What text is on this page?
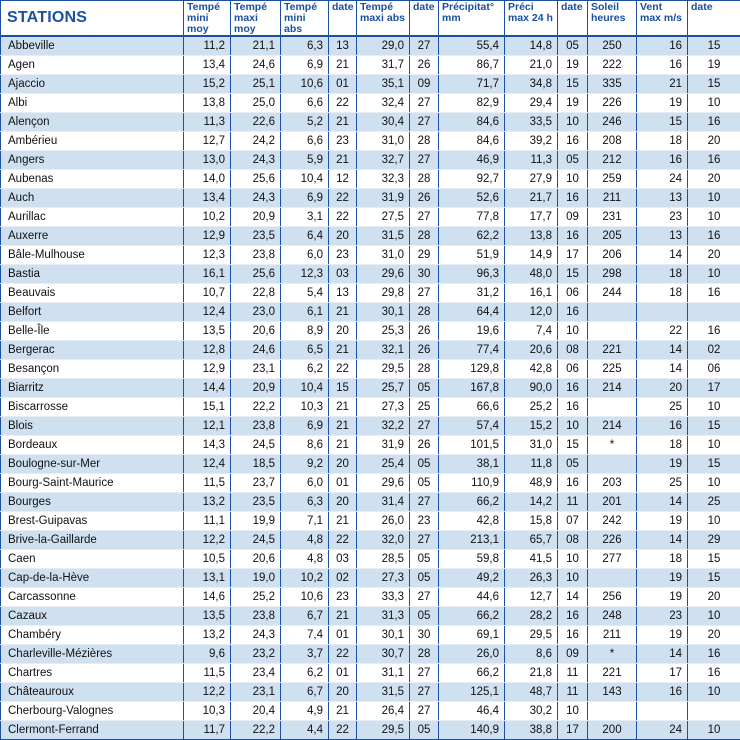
STATIONS	Tempé mini moy	Tempé maxi moy	Tempé mini abs	date	Tempé maxi abs	date	Précipitat° mm	Préci max 24 h	date	Soleil heures	Vent max m/s	date
Abbeville	11,2	21,1	6,3	13	29,0	27	55,4	14,8	05	250	16	15
Agen	13,4	24,6	6,9	21	31,7	26	86,7	21,0	19	222	16	19
Ajaccio	15,2	25,1	10,6	01	35,1	09	71,7	34,8	15	335	21	15
Albi	13,8	25,0	6,6	22	32,4	27	82,9	29,4	19	226	19	10
Alençon	11,3	22,6	5,2	21	30,4	27	84,6	33,5	10	246	15	16
Ambérieu	12,7	24,2	6,6	23	31,0	28	84,6	39,2	16	208	18	20
Angers	13,0	24,3	5,9	21	32,7	27	46,9	11,3	05	212	16	16
Aubenas	14,0	25,6	10,4	12	32,3	28	92,7	27,9	10	259	24	20
Auch	13,4	24,3	6,9	22	31,9	26	52,6	21,7	16	211	13	10
Aurillac	10,2	20,9	3,1	22	27,5	27	77,8	17,7	09	231	23	10
Auxerre	12,9	23,5	6,4	20	31,5	28	62,2	13,8	16	205	13	16
Bâle-Mulhouse	12,3	23,8	6,0	23	31,0	29	51,9	14,9	17	206	14	20
Bastia	16,1	25,6	12,3	03	29,6	30	96,3	48,0	15	298	18	10
Beauvais	10,7	22,8	5,4	13	29,8	27	31,2	16,1	06	244	18	16
Belfort	12,4	23,0	6,1	21	30,1	28	64,4	12,0	16			
Belle-Île	13,5	20,6	8,9	20	25,3	26	19,6	7,4	10		22	16
Bergerac	12,8	24,6	6,5	21	32,1	26	77,4	20,6	08	221	14	02
Besançon	12,9	23,1	6,2	22	29,5	28	129,8	42,8	06	225	14	06
Biarritz	14,4	20,9	10,4	15	25,7	05	167,8	90,0	16	214	20	17
Biscarrosse	15,1	22,2	10,3	21	27,3	25	66,6	25,2	16		25	10
Blois	12,1	23,8	6,9	21	32,2	27	57,4	15,2	10	214	16	15
Bordeaux	14,3	24,5	8,6	21	31,9	26	101,5	31,0	15	*	18	10
Boulogne-sur-Mer	12,4	18,5	9,2	20	25,4	05	38,1	11,8	05		19	15
Bourg-Saint-Maurice	11,5	23,7	6,0	01	29,6	05	110,9	48,9	16	203	25	10
Bourges	13,2	23,5	6,3	20	31,4	27	66,2	14,2	11	201	14	25
Brest-Guipavas	11,1	19,9	7,1	21	26,0	23	42,8	15,8	07	242	19	10
Brive-la-Gaillarde	12,2	24,5	4,8	22	32,0	27	213,1	65,7	08	226	14	29
Caen	10,5	20,6	4,8	03	28,5	05	59,8	41,5	10	277	18	15
Cap-de-la-Hève	13,1	19,0	10,2	02	27,3	05	49,2	26,3	10		19	15
Carcassonne	14,6	25,2	10,6	23	33,3	27	44,6	12,7	14	256	19	20
Cazaux	13,5	23,8	6,7	21	31,3	05	66,2	28,2	16	248	23	10
Chambéry	13,2	24,3	7,4	01	30,1	30	69,1	29,5	16	211	19	20
Charleville-Mézières	9,6	23,2	3,7	22	30,7	28	26,0	8,6	09	*	14	16
Chartres	11,5	23,4	6,2	01	31,1	27	66,2	21,8	11	221	17	16
Châteauroux	12,2	23,1	6,7	20	31,5	27	125,1	48,7	11	143	16	10
Cherbourg-Valognes	10,3	20,4	4,9	21	26,4	27	46,4	30,2	10			
Clermont-Ferrand	11,7	22,2	4,4	22	29,5	05	140,9	38,8	17	200	24	10
